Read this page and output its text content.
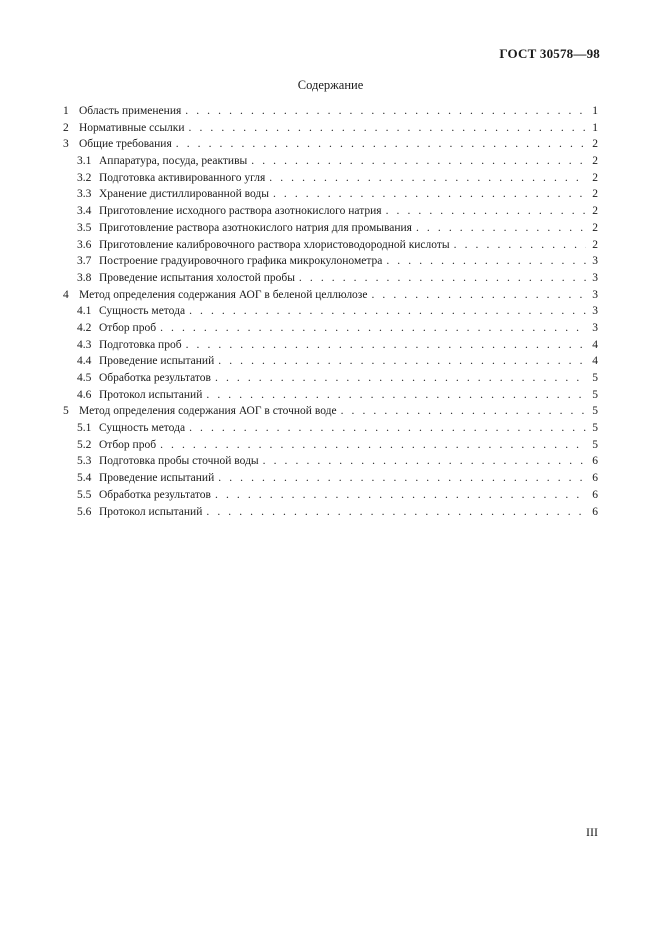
ГОСТ 30578—98
Содержание
1 Область применения . . .	1
2 Нормативные ссылки . . .	1
3 Общие требования . . .	2
3.1 Аппаратура, посуда, реактивы . . .	2
3.2 Подготовка активированного угля . . .	2
3.3 Хранение дистиллированной воды . . .	2
3.4 Приготовление исходного раствора азотнокислого натрия . . .	2
3.5 Приготовление раствора азотнокислого натрия для промывания . . .	2
3.6 Приготовление калибровочного раствора хлористоводородной кислоты . . .	2
3.7 Построение градуировочного графика микрокулонометра . . .	3
3.8 Проведение испытания холостой пробы . . .	3
4 Метод определения содержания АОГ в беленой целлюлозе . . .	3
4.1 Сущность метода . . .	3
4.2 Отбор проб . . .	3
4.3 Подготовка проб . . .	4
4.4 Проведение испытаний . . .	4
4.5 Обработка результатов . . .	5
4.6 Протокол испытаний . . .	5
5 Метод определения содержания АОГ в сточной воде . . .	5
5.1 Сущность метода . . .	5
5.2 Отбор проб . . .	5
5.3 Подготовка пробы сточной воды . . .	6
5.4 Проведение испытаний . . .	6
5.5 Обработка результатов . . .	6
5.6 Протокол испытаний . . .	6
III
